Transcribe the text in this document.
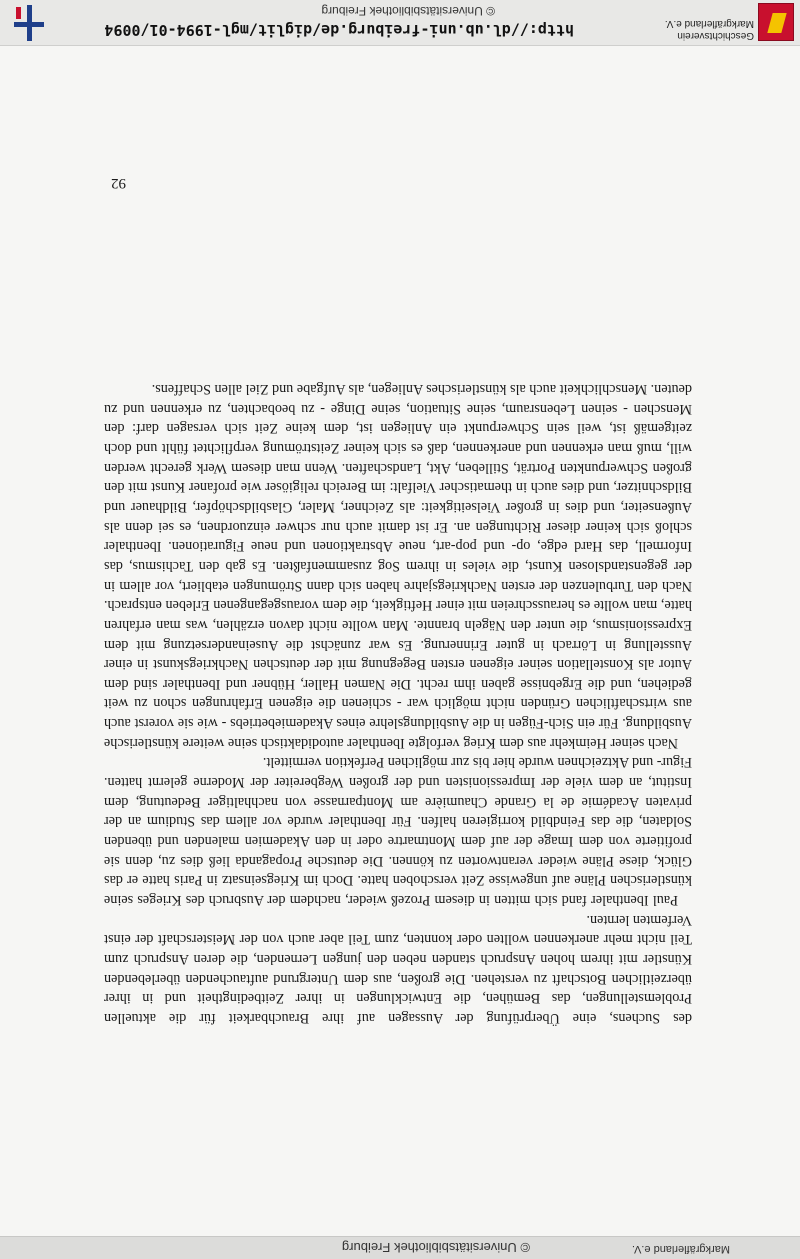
Markgräflerland e.V.
© Universitätsbibliothek Freiburg

des Suchens, eine Überprüfung der Aussagen auf ihre Brauchbarkeit für die aktuellen Problemstellungen, das Bemühen, die Entwicklungen in ihrer Zeitbedingtheit und in ihrer überzeitlichen Botschaft zu verstehen. Die großen, aus dem Untergrund auftauchenden überlebenden Künstler mit ihrem hohen Anspruch standen neben den jungen Lernenden, die deren Anspruch zum Teil nicht mehr anerkennen wollten oder konnten, zum Teil aber auch von der Meisterschaft der einst Verfemten lernten.

Paul Ibenthaler fand sich mitten in diesem Prozeß wieder, nachdem der Ausbruch des Krieges seine künstlerischen Pläne auf ungewisse Zeit verschoben hatte. Doch im Kriegseinsatz in Paris hatte er das Glück, diese Pläne wieder verantworten zu können. Die deutsche Propaganda ließ dies zu, denn sie profitierte von dem Image der auf dem Montmartre oder in den Akademien malenden und übenden Soldaten, die das Feindbild korrigieren halfen. Für Ibenthaler wurde vor allem das Studium an der privaten Académie de la Grande Chaumière am Montparnasse von nachhaltiger Bedeutung, dem Institut, an dem viele der Impressionisten und der großen Wegbereiter der Moderne gelernt hatten. Figur- und Aktzeichnen wurde hier bis zur möglichen Perfektion vermittelt.

Nach seiner Heimkehr aus dem Krieg verfolgte Ibenthaler autodidaktisch seine weitere künstlerische Ausbildung. Für ein Sich-Fügen in die Ausbildungslehre eines Akademiebetriebs - wie sie vorerst auch aus wirtschaftlichen Gründen nicht möglich war - schienen die eigenen Erfahrungen schon zu weit gediehen, und die Ergebnisse gaben ihm recht. Die Namen Haller, Hübner und Ibenthaler sind dem Autor als Konstellation seiner eigenen ersten Begegnung mit der deutschen Nachkriegskunst in einer Ausstellung in Lörrach in guter Erinnerung. Es war zunächst die Auseinandersetzung mit dem Expressionismus, die unter den Nägeln brannte. Man wollte nicht davon erzählen, was man erfahren hatte, man wollte es herausschreien mit einer Heftigkeit, die dem vorausgegangenen Erleben entsprach. Nach den Turbulenzen der ersten Nachkriegsjahre haben sich dann Strömungen etabliert, vor allem in der gegenstandslosen Kunst, die vieles in ihrem Sog zusammenfaßten. Es gab den Tachismus, das Informell, das Hard edge, op- und pop-art, neue Abstraktionen und neue Figurationen. Ibenthaler schloß sich keiner dieser Richtungen an. Er ist damit auch nur schwer einzuordnen, es sei denn als Außenseiter, und dies in großer Vielseitigkeit: als Zeichner, Maler, Glasbildschöpfer, Bildhauer und Bildschnitzer, und dies auch in thematischer Vielfalt: im Bereich religiöser wie profaner Kunst mit den großen Schwerpunkten Porträt, Stilleben, Akt, Landschaften. Wenn man diesem Werk gerecht werden will, muß man erkennen und anerkennen, daß es sich keiner Zeitströmung verpflichtet fühlt und doch zeitgemäß ist, weil sein Schwerpunkt ein Anliegen ist, dem keine Zeit sich versagen darf: den Menschen - seinen Lebensraum, seine Situation, seine Dinge - zu beobachten, zu erkennen und zu deuten. Menschlichkeit auch als künstlerisches Anliegen, als Aufgabe und Ziel allen Schaffens.

92
http://dl.ub.uni-freiburg.de/diglit/mgl-1994-01/0094
© Universitätsbibliothek Freiburg
Geschichtsverein
Markgräflerland e.V.
